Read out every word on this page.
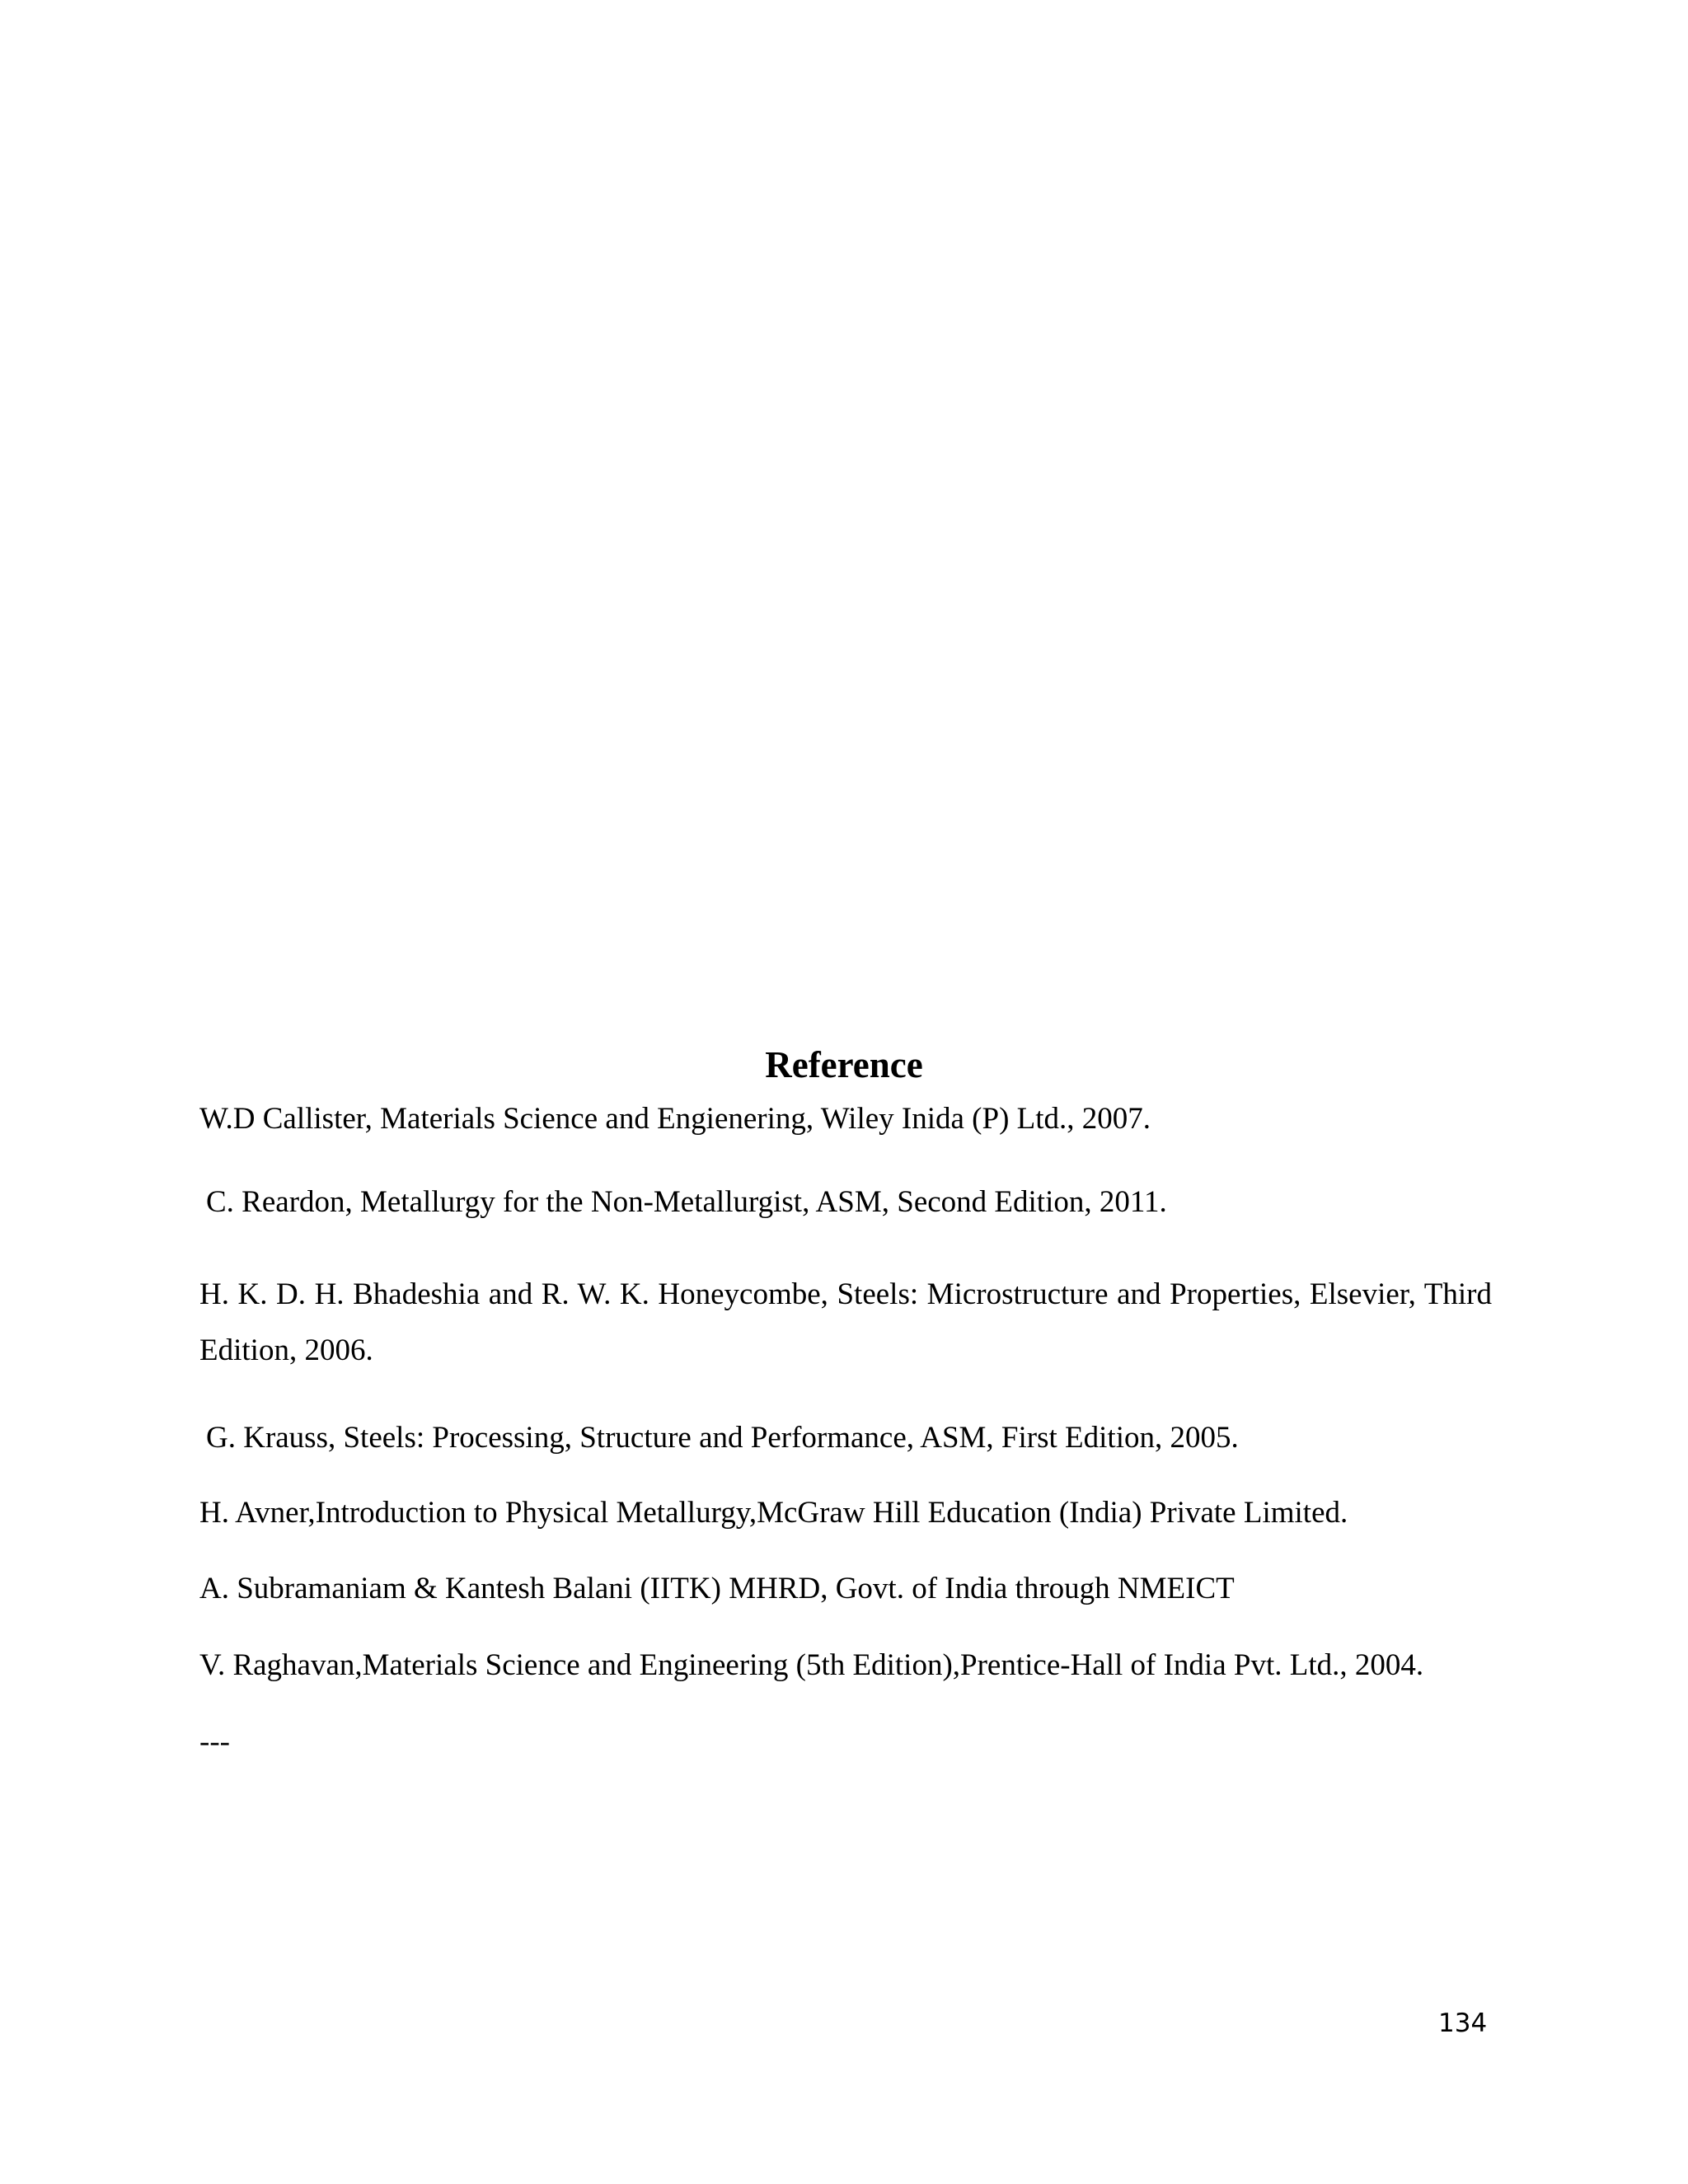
Reference
W.D Callister, Materials Science and Engienering, Wiley Inida (P) Ltd., 2007.
C. Reardon, Metallurgy for the Non-Metallurgist, ASM, Second Edition, 2011.
H. K. D. H. Bhadeshia and R. W. K. Honeycombe, Steels: Microstructure and Properties, Elsevier, Third Edition, 2006.
G. Krauss, Steels: Processing, Structure and Performance, ASM, First Edition, 2005.
H. Avner,Introduction to Physical Metallurgy,McGraw Hill Education (India) Private Limited.
A. Subramaniam & Kantesh Balani (IITK) MHRD, Govt. of India through NMEICT
V. Raghavan,Materials Science and Engineering (5th Edition),Prentice-Hall of India Pvt. Ltd., 2004.
---
134
